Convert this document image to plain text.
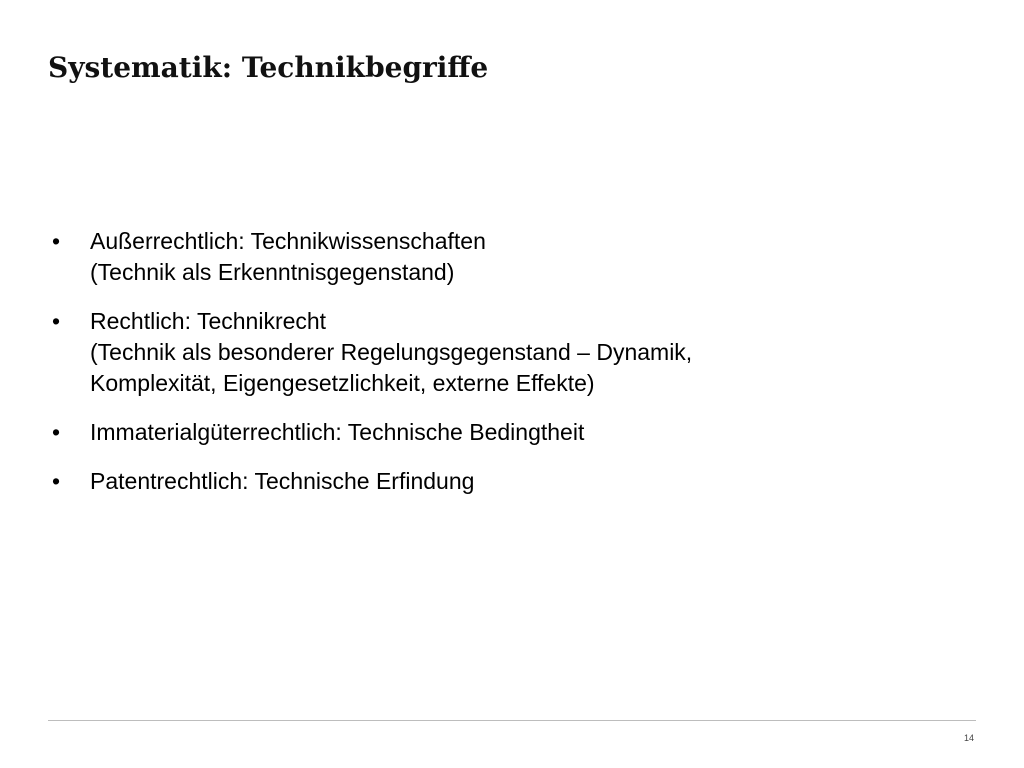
Systematik: Technikbegriffe
• Außerrechtlich: Technikwissenschaften
(Technik als Erkenntnisgegenstand)
• Rechtlich: Technikrecht
(Technik als besonderer Regelungsgegenstand – Dynamik,
Komplexität, Eigengesetzlichkeit, externe Effekte)
• Immaterialgüterrechtlich: Technische Bedingtheit
• Patentrechtlich: Technische Erfindung
14
